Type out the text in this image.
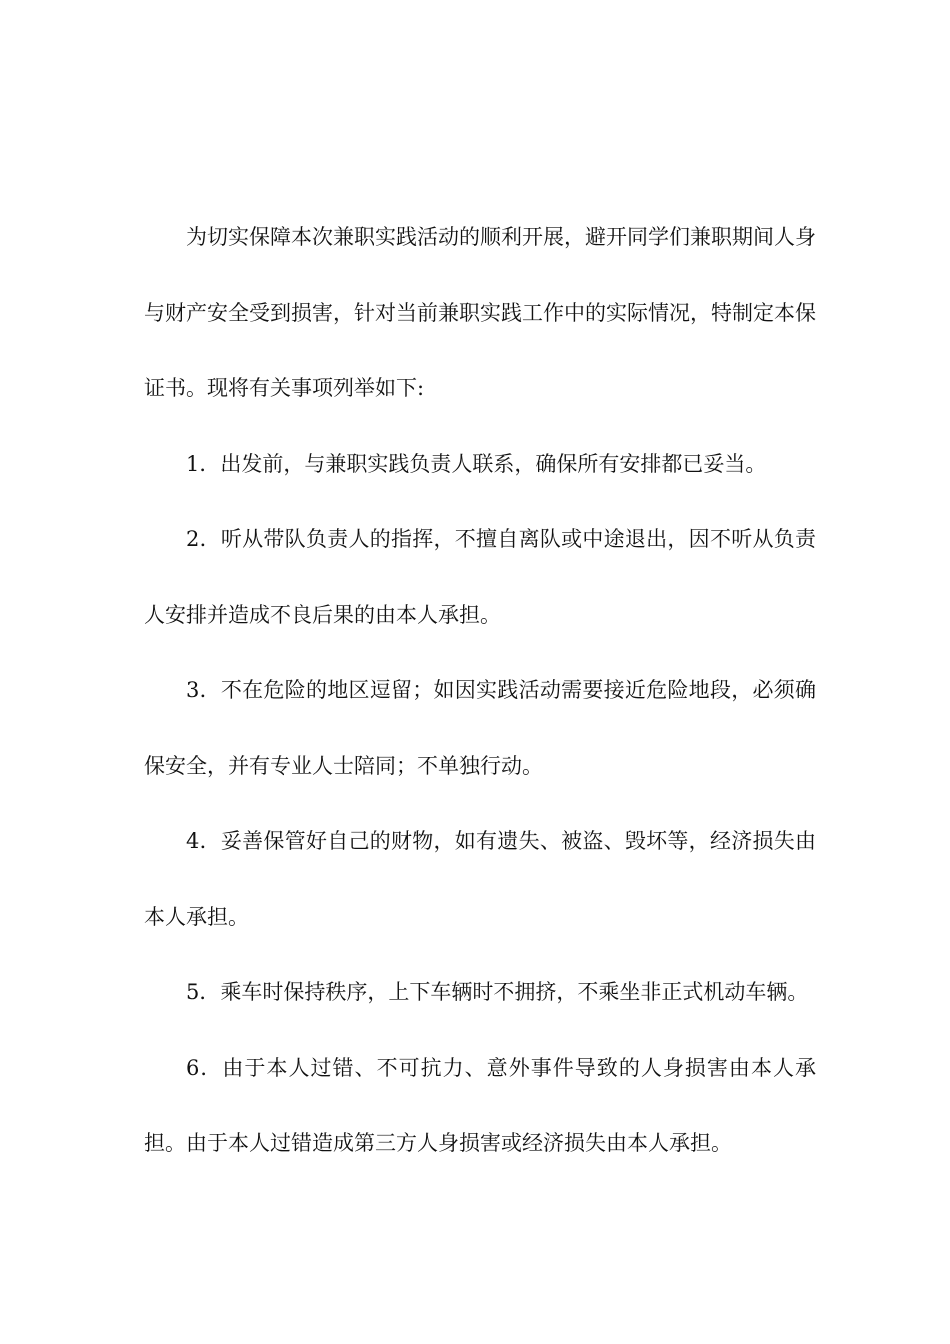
为切实保障本次兼职实践活动的顺利开展，避开同学们兼职期间人身与财产安全受到损害，针对当前兼职实践工作中的实际情况，特制定本保证书。现将有关事项列举如下:

1．出发前，与兼职实践负责人联系，确保所有安排都已妥当。

2．听从带队负责人的指挥，不擅自离队或中途退出，因不听从负责人安排并造成不良后果的由本人承担。

3．不在危险的地区逗留；如因实践活动需要接近危险地段，必须确保安全，并有专业人士陪同；不单独行动。

4．妥善保管好自己的财物，如有遗失、被盗、毁坏等，经济损失由本人承担。

5．乘车时保持秩序，上下车辆时不拥挤，不乘坐非正式机动车辆。

6．由于本人过错、不可抗力、意外事件导致的人身损害由本人承担。由于本人过错造成第三方人身损害或经济损失由本人承担。
